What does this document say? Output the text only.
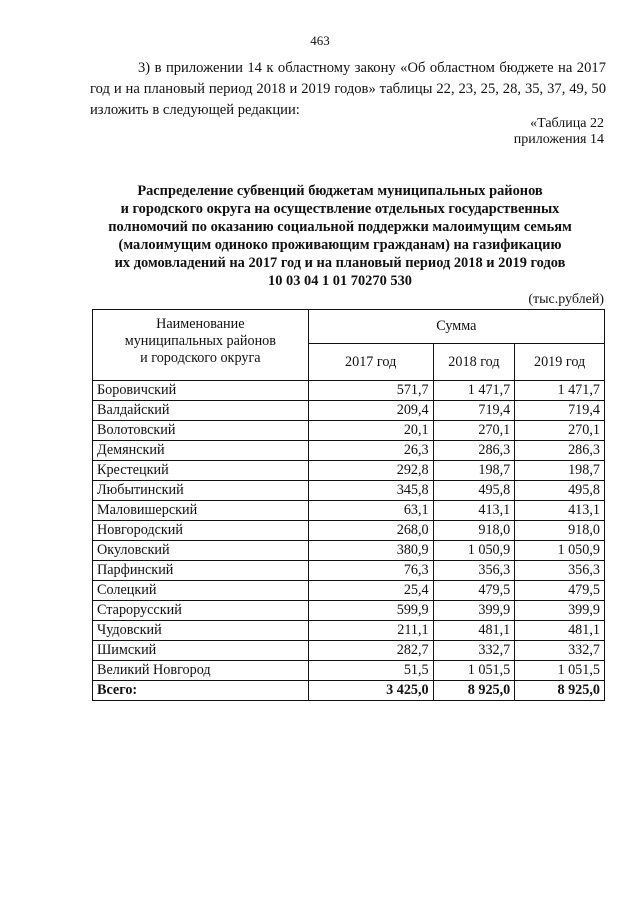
463
3) в приложении 14 к областному закону «Об областном бюджете на 2017 год и на плановый период 2018 и 2019 годов» таблицы 22, 23, 25, 28, 35, 37, 49, 50 изложить в следующей редакции:
«Таблица 22
приложения 14
Распределение субвенций бюджетам муниципальных районов
и городского округа на осуществление отдельных государственных
полномочий по оказанию социальной поддержки малоимущим семьям
(малоимущим одиноко проживающим гражданам) на газификацию
их домовладений на 2017 год и на плановый период 2018 и 2019 годов
10 03 04 1 01 70270 530
(тыс.рублей)
Наименование
муниципальных районов
и городского округа	Сумма		
	2017 год	2018 год	2019 год
Боровичский	571,7	1 471,7	1 471,7
Валдайский	209,4	719,4	719,4
Волотовский	20,1	270,1	270,1
Демянский	26,3	286,3	286,3
Крестецкий	292,8	198,7	198,7
Любытинский	345,8	495,8	495,8
Маловишерский	63,1	413,1	413,1
Новгородский	268,0	918,0	918,0
Окуловский	380,9	1 050,9	1 050,9
Парфинский	76,3	356,3	356,3
Солецкий	25,4	479,5	479,5
Старорусский	599,9	399,9	399,9
Чудовский	211,1	481,1	481,1
Шимский	282,7	332,7	332,7
Великий Новгород	51,5	1 051,5	1 051,5
Всего:	3 425,0	8 925,0	8 925,0
